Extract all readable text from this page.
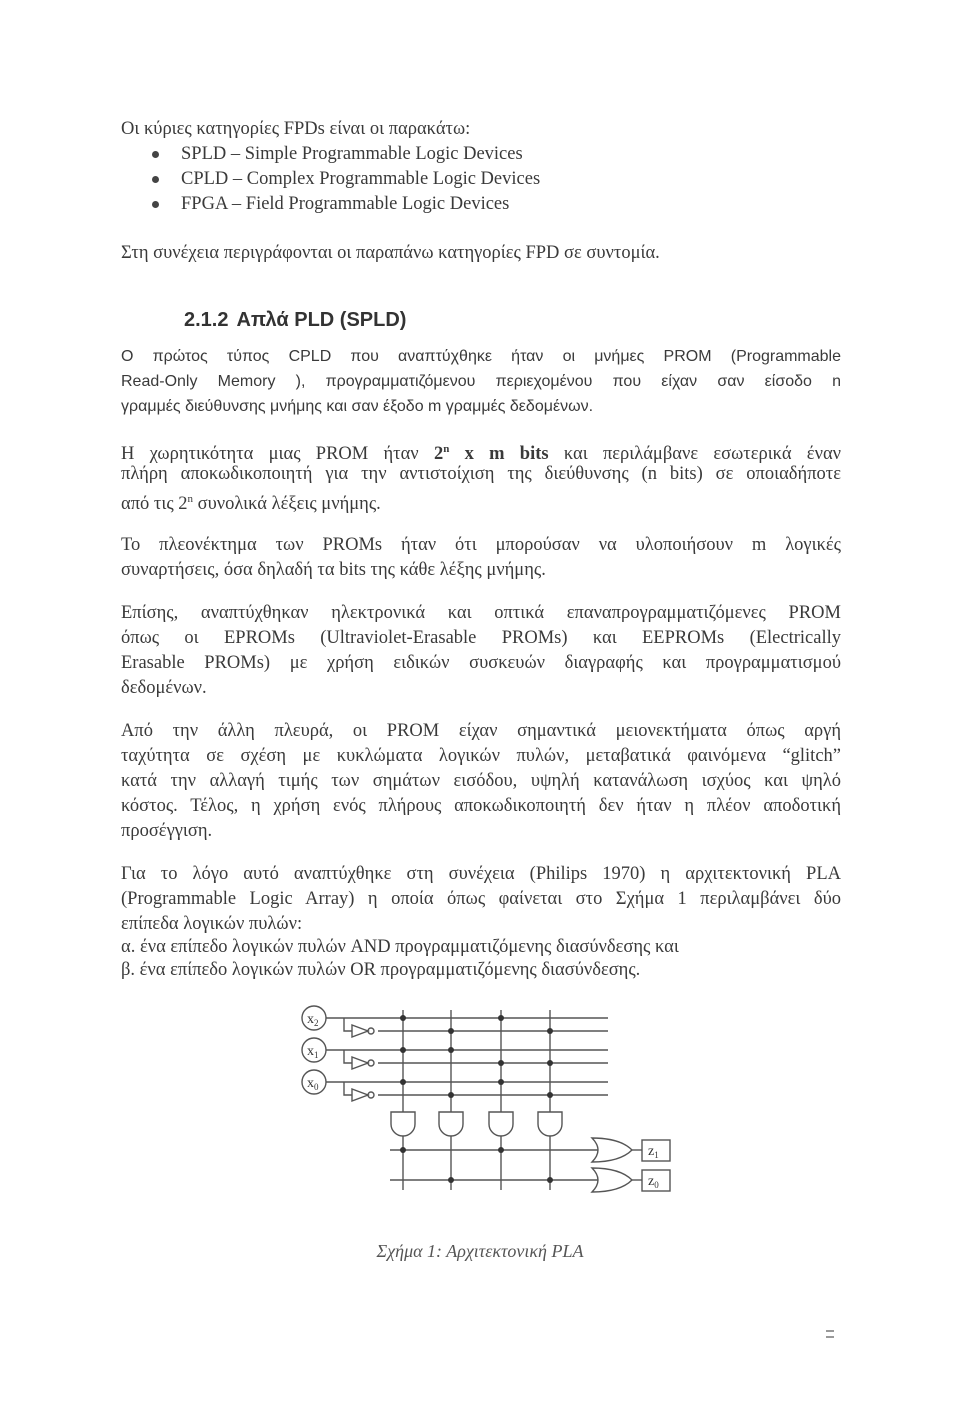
Οι κύριες κατηγορίες FPDs είναι οι παρακάτω:
SPLD – Simple Programmable Logic Devices
CPLD – Complex Programmable Logic Devices
FPGA – Field Programmable Logic Devices
Στη συνέχεια περιγράφονται οι παραπάνω κατηγορίες FPD σε συντομία.
2.1.2 Απλά PLD (SPLD)
Ο πρώτος τύπος CPLD που αναπτύχθηκε ήταν οι μνήμες PROM (Programmable
Read-Only Memory ), προγραμματιζόμενου περιεχομένου που είχαν σαν είσοδο n
γραμμές διεύθυνσης μνήμης και σαν έξοδο m γραμμές δεδομένων.
Η χωρητικότητα μιας PROM ήταν 2$^n$ x m bits και περιλάμβανε εσωτερικά έναν
πλήρη αποκωδικοποιητή για την αντιστοίχιση της διεύθυνσης (n bits) σε οποιαδήποτε
από τις 2$^n$ συνολικά λέξεις μνήμης.
Το πλεονέκτημα των PROMs ήταν ότι μπορούσαν να υλοποιήσουν m λογικές
συναρτήσεις, όσα δηλαδή τα bits της κάθε λέξης μνήμης.
Επίσης, αναπτύχθηκαν ηλεκτρονικά και οπτικά επαναπρογραμματιζόμενες PROM
όπως οι EPROMs (Ultraviolet-Erasable PROMs) και EEPROMs (Electrically
Erasable PROMs) με χρήση ειδικών συσκευών διαγραφής και προγραμματισμού
δεδομένων.
Από την άλλη πλευρά, οι PROM είχαν σημαντικά μειονεκτήματα όπως αργή
ταχύτητα σε σχέση με κυκλώματα λογικών πυλών, μεταβατικά φαινόμενα “glitch”
κατά την αλλαγή τιμής των σημάτων εισόδου, υψηλή κατανάλωση ισχύος και ψηλό
κόστος. Τέλος, η χρήση ενός πλήρους αποκωδικοποιητή δεν ήταν η πλέον αποδοτική
προσέγγιση.
Για το λόγο αυτό αναπτύχθηκε στη συνέχεια (Philips 1970) η αρχιτεκτονική PLA
(Programmable Logic Array) η οποία όπως φαίνεται στο Σχήμα 1 περιλαμβάνει δύο
επίπεδα λογικών πυλών:
α. ένα επίπεδο λογικών πυλών AND προγραμματιζόμενης διασύνδεσης και
β. ένα επίπεδο λογικών πυλών OR προγραμματιζόμενης διασύνδεσης.
$x_2$
$x_1$
$x_0$
$z_1$
$z_0$
Σχήμα 1: Αρχιτεκτονική PLA
